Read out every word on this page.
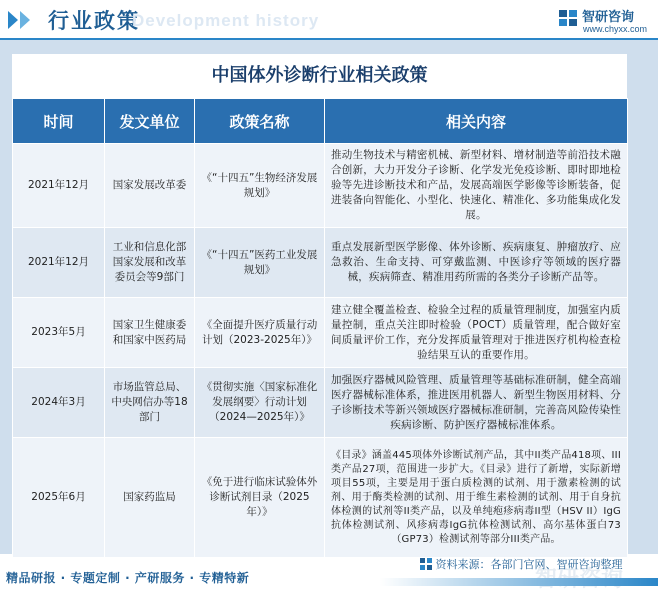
行业政策
Development history	智研咨询
www.chyxx.com
中国体外诊断行业相关政策
时间	发文单位	政策名称	相关内容
2021年12月	国家发展改革委	《“十四五”生物经济发展规划》	推动生物技术与精密机械、新型材料、增材制造等前沿技术融合创新，大力开发分子诊断、化学发光免疫诊断、即时即地检验等先进诊断技术和产品，发展高端医学影像等诊断装备，促进装备向智能化、小型化、快速化、精准化、多功能集成化发展。
2021年12月	工业和信息化部 国家发展和改革委员会等9部门	《“十四五”医药工业发展规划》	重点发展新型医学影像、体外诊断、疾病康复、肿瘤放疗、应急救治、生命支持、可穿戴监测、中医诊疗等领域的医疗器械，疾病筛查、精准用药所需的各类分子诊断产品等。
2023年5月	国家卫生健康委和国家中医药局	《全面提升医疗质量行动计划（2023-2025年）》	建立健全覆盖检查、检验全过程的质量管理制度，加强室内质量控制，重点关注即时检验（POCT）质量管理，配合做好室间质量评价工作，充分发挥质量管理对于推进医疗机构检查检验结果互认的重要作用。
2024年3月	市场监管总局、中央网信办等18部门	《贯彻实施〈国家标准化发展纲要〉行动计划（2024—2025年）》	加强医疗器械风险管理、质量管理等基础标准研制，健全高端医疗器械标准体系，推进医用机器人、新型生物医用材料、分子诊断技术等新兴领域医疗器械标准研制，完善高风险传染性疾病诊断、防护医疗器械标准体系。
2025年6月	国家药监局	《免于进行临床试验体外诊断试剂目录（2025年）》	《目录》涵盖445项体外诊断试剂产品，其中II类产品418项、III类产品27项，范围进一步扩大。《目录》进行了新增，实际新增项目55项，主要是用于蛋白质检测的试剂、用于激素检测的试剂、用于酶类检测的试剂、用于维生素检测的试剂、用于自身抗体检测的试剂等II类产品，以及单纯疱疹病毒II型（HSV II）IgG抗体检测试剂、风疹病毒IgG抗体检测试剂、高尔基体蛋白73（GP73）检测试剂等部分III类产品。
资料来源：各部门官网、智研咨询整理
精品研报 · 专题定制 · 产研服务 · 专精特新
